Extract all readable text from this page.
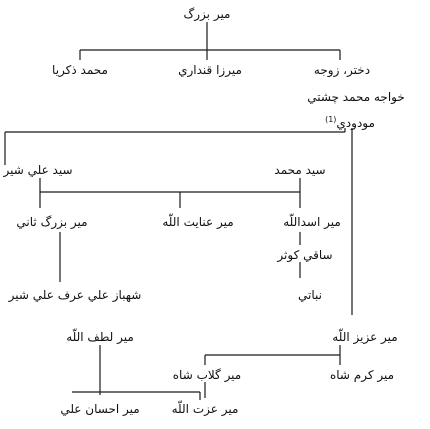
میر بزرگ
محمد ذکریا	میرزا قنداري	دختر، زوجه
خواجه محمد چشتي
مودودي$^{(1)}$
سيد علي شير	سيد محمد
مير بزرگ ثاني	مير عنايت اللّه	مير اسداللّه
ساقي کوثر
نباتي
شهباز علي عرف علي شير
مير لطف اللّه	مير عزيز اللّه
مير گلاب شاه	مير کرم شاه
مير احسان علي	مير عزت اللّه
